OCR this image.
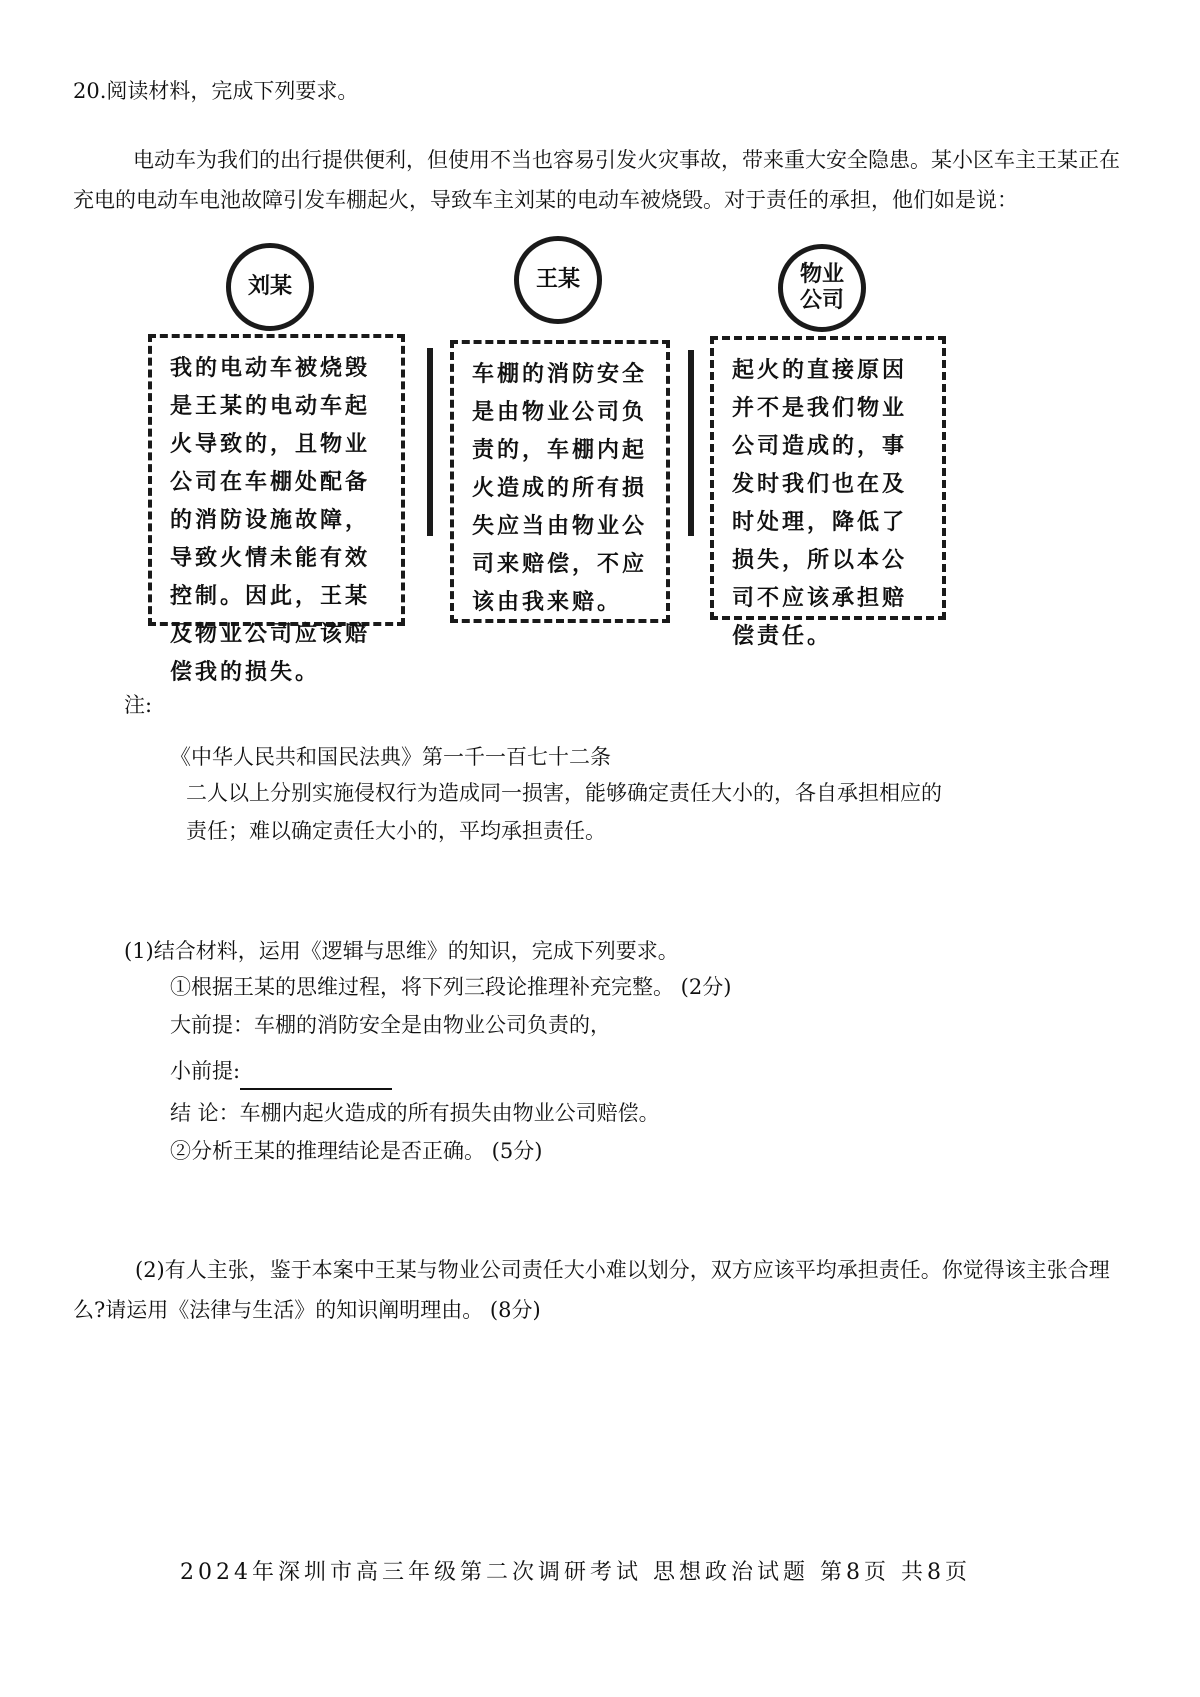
20.阅读材料，完成下列要求。
电动车为我们的出行提供便利，但使用不当也容易引发火灾事故，带来重大安全隐患。某小区车主王某正在充电的电动车电池故障引发车棚起火，导致车主刘某的电动车被烧毁。对于责任的承担，他们如是说：
刘某
我的电动车被烧毁是王某的电动车起火导致的，且物业公司在车棚处配备的消防设施故障，导致火情未能有效控制。因此，王某及物业公司应该赔偿我的损失。
王某
车棚的消防安全是由物业公司负责的，车棚内起火造成的所有损失应当由物业公司来赔偿，不应该由我来赔。
物业
公司
起火的直接原因并不是我们物业公司造成的，事发时我们也在及时处理，降低了损失，所以本公司不应该承担赔偿责任。
注:
《中华人民共和国民法典》第一千一百七十二条
二人以上分别实施侵权行为造成同一损害，能够确定责任大小的，各自承担相应的
责任；难以确定责任大小的，平均承担责任。
(1)结合材料，运用《逻辑与思维》的知识，完成下列要求。
①根据王某的思维过程，将下列三段论推理补充完整。 (2分)
大前提：车棚的消防安全是由物业公司负责的，
小前提:
结 论：车棚内起火造成的所有损失由物业公司赔偿。
②分析王某的推理结论是否正确。 (5分)
(2)有人主张，鉴于本案中王某与物业公司责任大小难以划分，双方应该平均承担责任。你觉得该主张合理么?请运用《法律与生活》的知识阐明理由。 (8分)
2024年深圳市高三年级第二次调研考试 思想政治试题 第8页 共8页
